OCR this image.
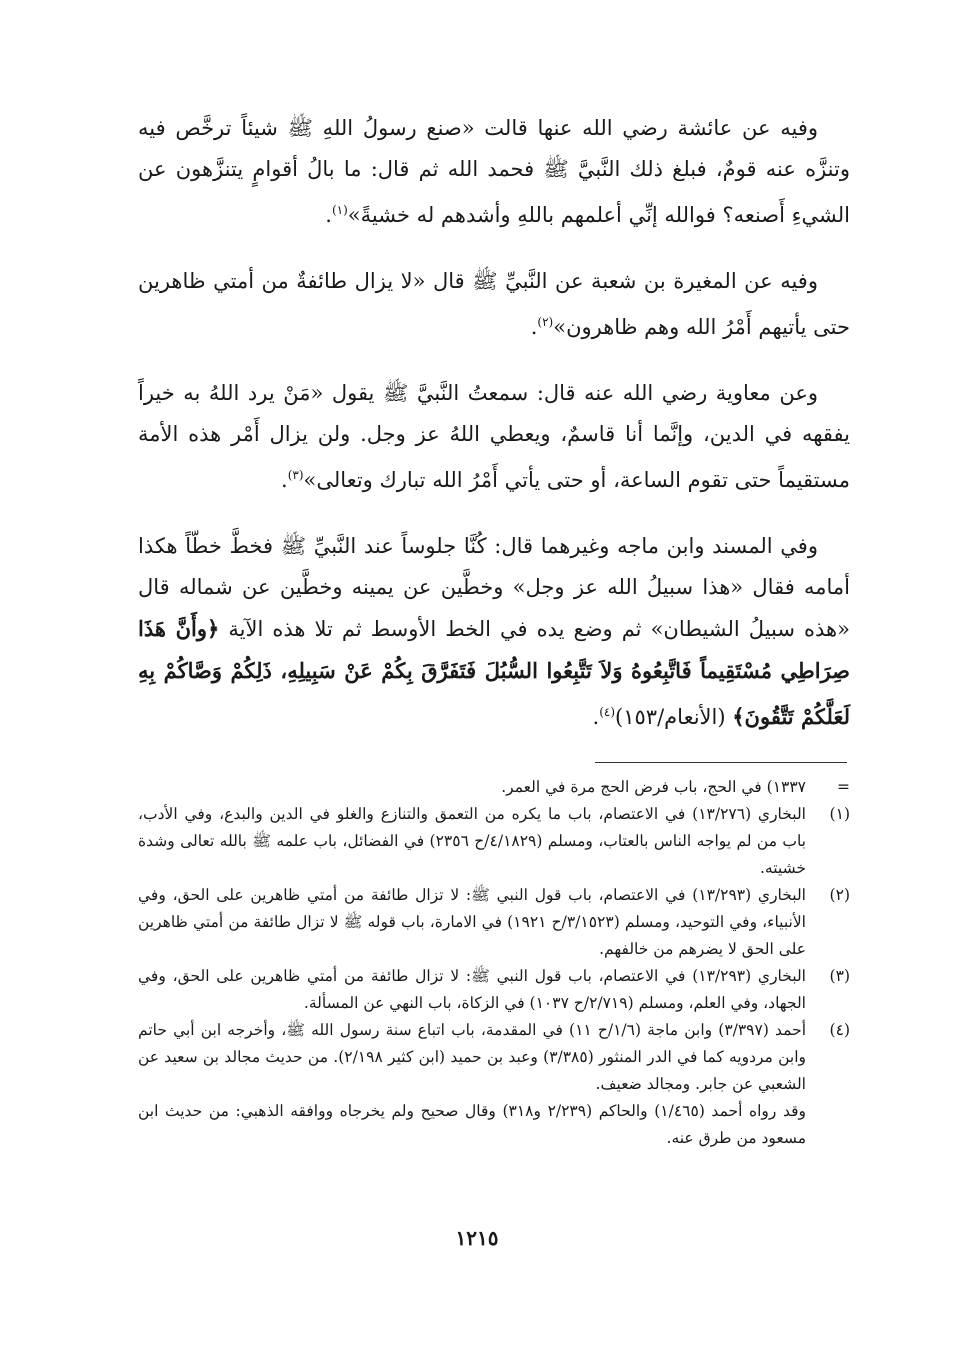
وفيه عن عائشة رضي الله عنها قالت «صنع رسولُ اللهِ ﷺ شيئاً ترخَّص فيه وتنزَّه عنه قومٌ، فبلغ ذلك النَّبيَّ ﷺ فحمد الله ثم قال: ما بالُ أقوامٍ يتنزَّهون عن الشيءِ أَصنعه؟ فوالله إنِّي أعلمهم باللهِ وأشدهم له خشيةً»$^{(١)}$.

وفيه عن المغيرة بن شعبة عن النَّبيِّ ﷺ قال «لا يزال طائفةٌ من أمتي ظاهرين حتى يأتيهم أَمْرُ الله وهم ظاهرون»$^{(٢)}$.

وعن معاوية رضي الله عنه قال: سمعتُ النَّبيَّ ﷺ يقول «مَنْ يرد اللهُ به خيراً يفقهه في الدين، وإنَّما أنا قاسمٌ، ويعطي اللهُ عز وجل. ولن يزال أَمْر هذه الأمة مستقيماً حتى تقوم الساعة، أو حتى يأتي أَمْرُ الله تبارك وتعالى»$^{(٣)}$.

وفي المسند وابن ماجه وغيرهما قال: كُنَّا جلوساً عند النَّبيِّ ﷺ فخطَّ خطّاً هكذا أمامه فقال «هذا سبيلُ الله عز وجل» وخطَّين عن يمينه وخطَّين عن شماله قال «هذه سبيلُ الشيطان» ثم وضع يده في الخط الأوسط ثم تلا هذه الآية ﴿وأَنَّ هَذَا صِرَاطِي مُسْتَقِيماً فَاتَّبِعُوهُ وَلاَ تَتَّبِعُوا السُّبُلَ فَتَفَرَّقَ بِكُمْ عَنْ سَبِيلِهِ، ذَلِكُمْ وَصَّاكُمْ بِهِ لَعَلَّكُمْ تَتَّقُونَ﴾ (الأنعام/١٥٣)$^{(٤)}$.

=
١٣٣٧) في الحج، باب فرض الحج مرة في العمر.
(١)
البخاري (١٣/٢٧٦) في الاعتصام، باب ما يكره من التعمق والتنازع والغلو في الدين والبدع، وفي الأدب، باب من لم يواجه الناس بالعتاب، ومسلم (٤/١٨٢٩/ح ٢٣٥٦) في الفضائل، باب علمه ﷺ بالله تعالى وشدة خشيته.
(٢)
البخاري (١٣/٢٩٣) في الاعتصام، باب قول النبي ﷺ: لا تزال طائفة من أمتي ظاهرين على الحق، وفي الأنبياء، وفي التوحيد، ومسلم (٣/١٥٢٣/ح ١٩٢١) في الامارة، باب قوله ﷺ لا تزال طائفة من أمتي ظاهرين على الحق لا يضرهم من خالفهم.
(٣)
البخاري (١٣/٢٩٣) في الاعتصام، باب قول النبي ﷺ: لا تزال طائفة من أمتي ظاهرين على الحق، وفي الجهاد، وفي العلم، ومسلم (٢/٧١٩/ح ١٠٣٧) في الزكاة، باب النهي عن المسألة.
(٤)
أحمد (٣/٣٩٧) وابن ماجة (١/٦/ح ١١) في المقدمة، باب اتباع سنة رسول الله ﷺ، وأخرجه ابن أبي حاتم وابن مردويه كما في الدر المنثور (٣/٣٨٥) وعبد بن حميد (ابن كثير ٢/١٩٨). من حديث مجالد بن سعيد عن الشعبي عن جابر. ومجالد ضعيف.
وقد رواه أحمد (١/٤٦٥) والحاكم (٢/٢٣٩ و٣١٨) وقال صحيح ولم يخرجاه ووافقه الذهبي: من حديث ابن مسعود من طرق عنه.
١٢١٥
